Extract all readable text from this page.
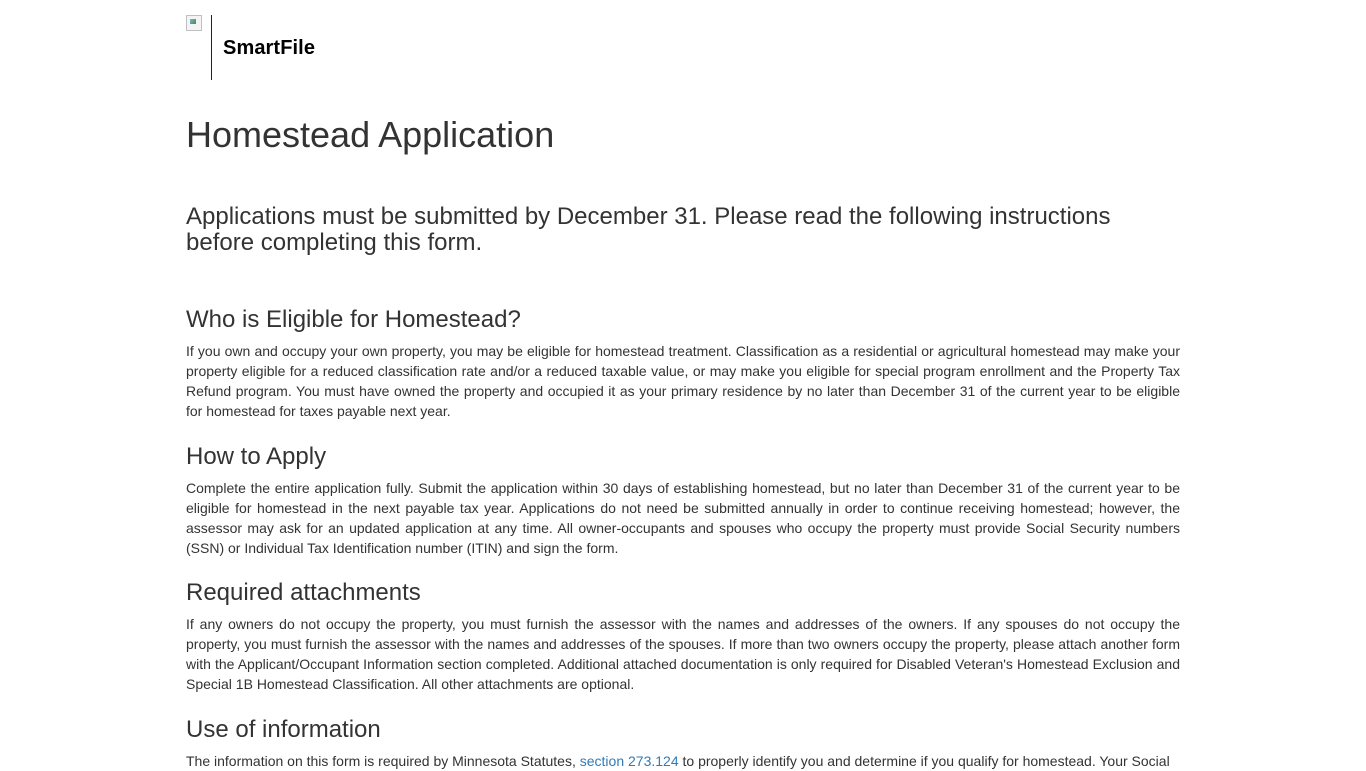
SmartFile
Homestead Application
Applications must be submitted by December 31. Please read the following instructions before completing this form.
Who is Eligible for Homestead?

If you own and occupy your own property, you may be eligible for homestead treatment. Classification as a residential or agricultural homestead may make your property eligible for a reduced classification rate and/or a reduced taxable value, or may make you eligible for special program enrollment and the Property Tax Refund program. You must have owned the property and occupied it as your primary residence by no later than December 31 of the current year to be eligible for homestead for taxes payable next year.

How to Apply

Complete the entire application fully. Submit the application within 30 days of establishing homestead, but no later than December 31 of the current year to be eligible for homestead in the next payable tax year. Applications do not need be submitted annually in order to continue receiving homestead; however, the assessor may ask for an updated application at any time. All owner-occupants and spouses who occupy the property must provide Social Security numbers (SSN) or Individual Tax Identification number (ITIN) and sign the form.

Required attachments

If any owners do not occupy the property, you must furnish the assessor with the names and addresses of the owners. If any spouses do not occupy the property, you must furnish the assessor with the names and addresses of the spouses. If more than two owners occupy the property, please attach another form with the Applicant/Occupant Information section completed. Additional attached documentation is only required for Disabled Veteran's Homestead Exclusion and Special 1B Homestead Classification. All other attachments are optional.

Use of information

The information on this form is required by Minnesota Statutes, section 273.124 to properly identify you and determine if you qualify for homestead. Your Social
